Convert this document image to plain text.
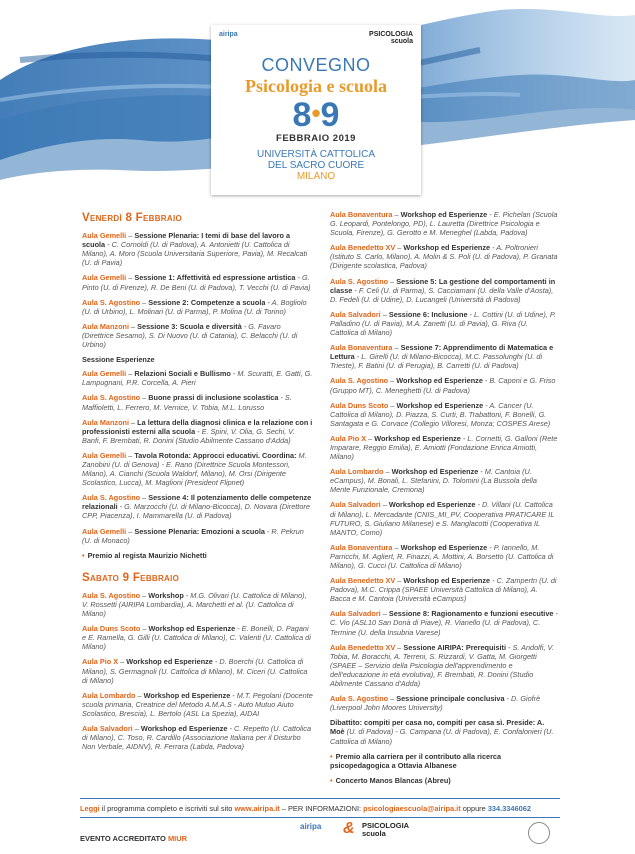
airipa	PSICOLOGIA
scuola
CONVEGNO
Psicologia e scuola
8•9
FEBBRAIO 2019
UNIVERSITÀ CATTOLICA
DEL SACRO CUORE
MILANO
Venerdì 8 Febbraio
Aula Gemelli – Sessione Plenaria: I temi di base del lavoro a scuola - C. Cornoldi (U. di Padova), A. Antonietti (U. Cattolica di Milano), A. Moro (Scuola Universitaria Superiore, Pavia), M. Recalcati (U. di Pavia)
Aula Gemelli – Sessione 1: Affettività ed espressione artistica - G. Pinto (U. di Firenze), R. De Beni (U. di Padova), T. Vecchi (U. di Pavia)
Aula S. Agostino – Sessione 2: Competenze a scuola - A. Bogliolo (U. di Urbino), L. Molinari (U. di Parma), P. Molina (U. di Torino)
Aula Manzoni – Sessione 3: Scuola e diversità - G. Favaro (Direttrice Sesamo), S. Di Nuovo (U. di Catania), C. Belacchi (U. di Urbino)
Sessione Esperienze
Aula Gemelli – Relazioni Sociali e Bullismo - M. Scuratti, E. Gatti, G. Lampugnani, P.R. Corcella, A. Pieri
Aula S. Agostino – Buone prassi di inclusione scolastica - S. Maffioletti, L. Ferrero, M. Vernice, V. Tobia, M.L. Lorusso
Aula Manzoni – La lettura della diagnosi clinica e la relazione con i professionisti esterni alla scuola - E. Spini, V. Olia, G. Sechi, V. Banfi, F. Brembati, R. Donini (Studio Abilmente Cassano d'Adda)
Aula Gemelli – Tavola Rotonda: Approcci educativi. Coordina: M. Zanobini (U. di Genova) - E. Rano (Direttrice Scuola Montessori, Milano), A. Cianchi (Scuola Waldorf, Milano), M. Orsi (Dirigente Scolastico, Lucca), M. Maglioni (President Flipnet)
Aula S. Agostino – Sessione 4: Il potenziamento delle competenze relazionali - G. Marzocchi (U. di Milano-Bicocca), D. Novara (Direttore CPP, Piacenza), I. Mammarella (U. di Padova)
Aula Gemelli – Sessione Plenaria: Emozioni a scuola - R. Pekrun (U. di Monaco)
• Premio al regista Maurizio Nichetti
Sabato 9 Febbraio
Aula S. Agostino – Workshop - M.G. Olivari (U. Cattolica di Milano), V. Rossetti (AIRIPA Lombardia), A. Marchetti et al. (U. Cattolica di Milano)
Aula Duns Scoto – Workshop ed Esperienze - E. Bonelli, D. Pagani e E. Ramella, G. Gilli (U. Cattolica di Milano), C. Valenti (U. Cattolica di Milano)
Aula Pio X – Workshop ed Esperienze - D. Boerchi (U. Cattolica di Milano), S. Germagnoli (U. Cattolica di Milano), M. Ciceri (U. Cattolica di Milano)
Aula Lombardo – Workshop ed Esperienze - M.T. Pegolani (Docente scuola primaria, Creatrice del Metodo A.M.A.S - Auto Mutuo Aiuto Scolastico, Brescia), L. Bertolo (ASL La Spezia), AIDAI
Aula Salvadori – Workshop ed Esperienze - C. Repetto (U. Cattolica di Milano), C. Toso, R. Cardillo (Associazione Italiana per il Disturbo Non Verbale, AIDNV), R. Ferrara (Labda, Padova)
Aula Bonaventura – Workshop ed Esperienze - E. Pichelan (Scuola G. Leopardi, Pontelongo, PD), L. Lauretta (Direttrice Psicologia e Scuola, Firenze), G. Gerotto e M. Meneghel (Labda, Padova)
Aula Benedetto XV – Workshop ed Esperienze - A. Poltronieri (Istituto S. Carlo, Milano), A. Molin & S. Poli (U. di Padova), P. Granata (Dirigente scolastica, Padova)
Aula S. Agostino – Sessione 5: La gestione del comportamenti in classe - F. Celi (U. di Parma), S. Cacciamani (U. della Valle d'Aosta), D. Fedeli (U. di Udine), D. Lucangeli (Università di Padova)
Aula Salvadori – Sessione 6: Inclusione - L. Cottini (U. di Udine), P. Palladino (U. di Pavia), M.A. Zanetti (U. di Pavia), G. Riva (U. Cattolica di Milano)
Aula Bonaventura – Sessione 7: Apprendimento di Matematica e Lettura - L. Girelli (U. di Milano-Bicocca), M.C. Passolunghi (U. di Trieste), F. Batini (U. di Perugia), B. Carretti (U. di Padova)
Aula S. Agostino – Workshop ed Esperienze - B. Caponi e G. Friso (Gruppo MT), C. Meneghetti (U. di Padova)
Aula Duns Scoto – Workshop ed Esperienze - A. Cancer (U. Cattolica di Milano), D. Piazza, S. Curti, B. Trabattoni, F. Bonelli, G. Santagata e G. Corvace (Collegio Villoresi, Monza; COSPES Arese)
Aula Pio X – Workshop ed Esperienze - L. Cornetti, G. Galloni (Rete Imparare, Reggio Emilia), E. Amiotti (Fondazione Enrica Amiotti, Milano)
Aula Lombardo – Workshop ed Esperienze - M. Cantoia (U. eCampus), M. Bonali, L. Stefanini, D. Tolomini (La Bussola della Mente Funzionale, Cremona)
Aula Salvadori – Workshop ed Esperienze - D. Villani (U. Cattolica di Milano), L. Mercadante (CNIS_MI_PV, Cooperativa PRATICARE IL FUTURO, S. Giuliano Milanese) e S. Manglacotti (Cooperativa IL MANTO, Como)
Aula Bonaventura – Workshop ed Esperienze - P. Iannello, M. Parricchi, M. Agliert, R. Finazzi, A. Mottini, A. Borsetto (U. Cattolica di Milano), G. Cucci (U. Cattolica di Milano)
Aula Benedetto XV – Workshop ed Esperienze - C. Zampertn (U. di Padova), M.C. Crippa (SPAEE Università Cattolica di Milano), A. Bacca e M. Cantoia (Università eCampus)
Aula Salvadori – Sessione 8: Ragionamento e funzioni esecutive - C. Vio (ASL10 San Donà di Piave), R. Vianello (U. di Padova), C. Termine (U. della Insubria Varese)
Aula Benedetto XV – Sessione AIRIPA: Prerequisiti - S. Andolfi, V. Tobia, M. Boracchi, A. Terreni, S. Rizzardi, V. Gatta, M. Giorgetti (SPAEE – Servizio della Psicologia dell'apprendimento e dell'educazione in età evolutiva), F. Brembati, R. Donini (Studio Abilmente Cassano d'Adda)
Aula S. Agostino – Sessione principale conclusiva - D. Giofrè (Liverpool John Moores University)
Dibattito: compiti per casa no, compiti per casa sì. Preside: A. Moè (U. di Padova) - G. Campana (U. di Padova), E. Confalonieri (U. Cattolica di Milano)
• Premio alla carriera per il contributo alla ricerca psicopedagogica a Ottavia Albanese
• Concerto Manos Blancas (Abreu)
Leggi il programma completo e iscriviti sul sito www.airipa.it – PER INFORMAZIONI: psicologiaescuola@airipa.it oppure 334.3346062
EVENTO ACCREDITATO MIUR
airipa & PSICOLOGIA
scuola
